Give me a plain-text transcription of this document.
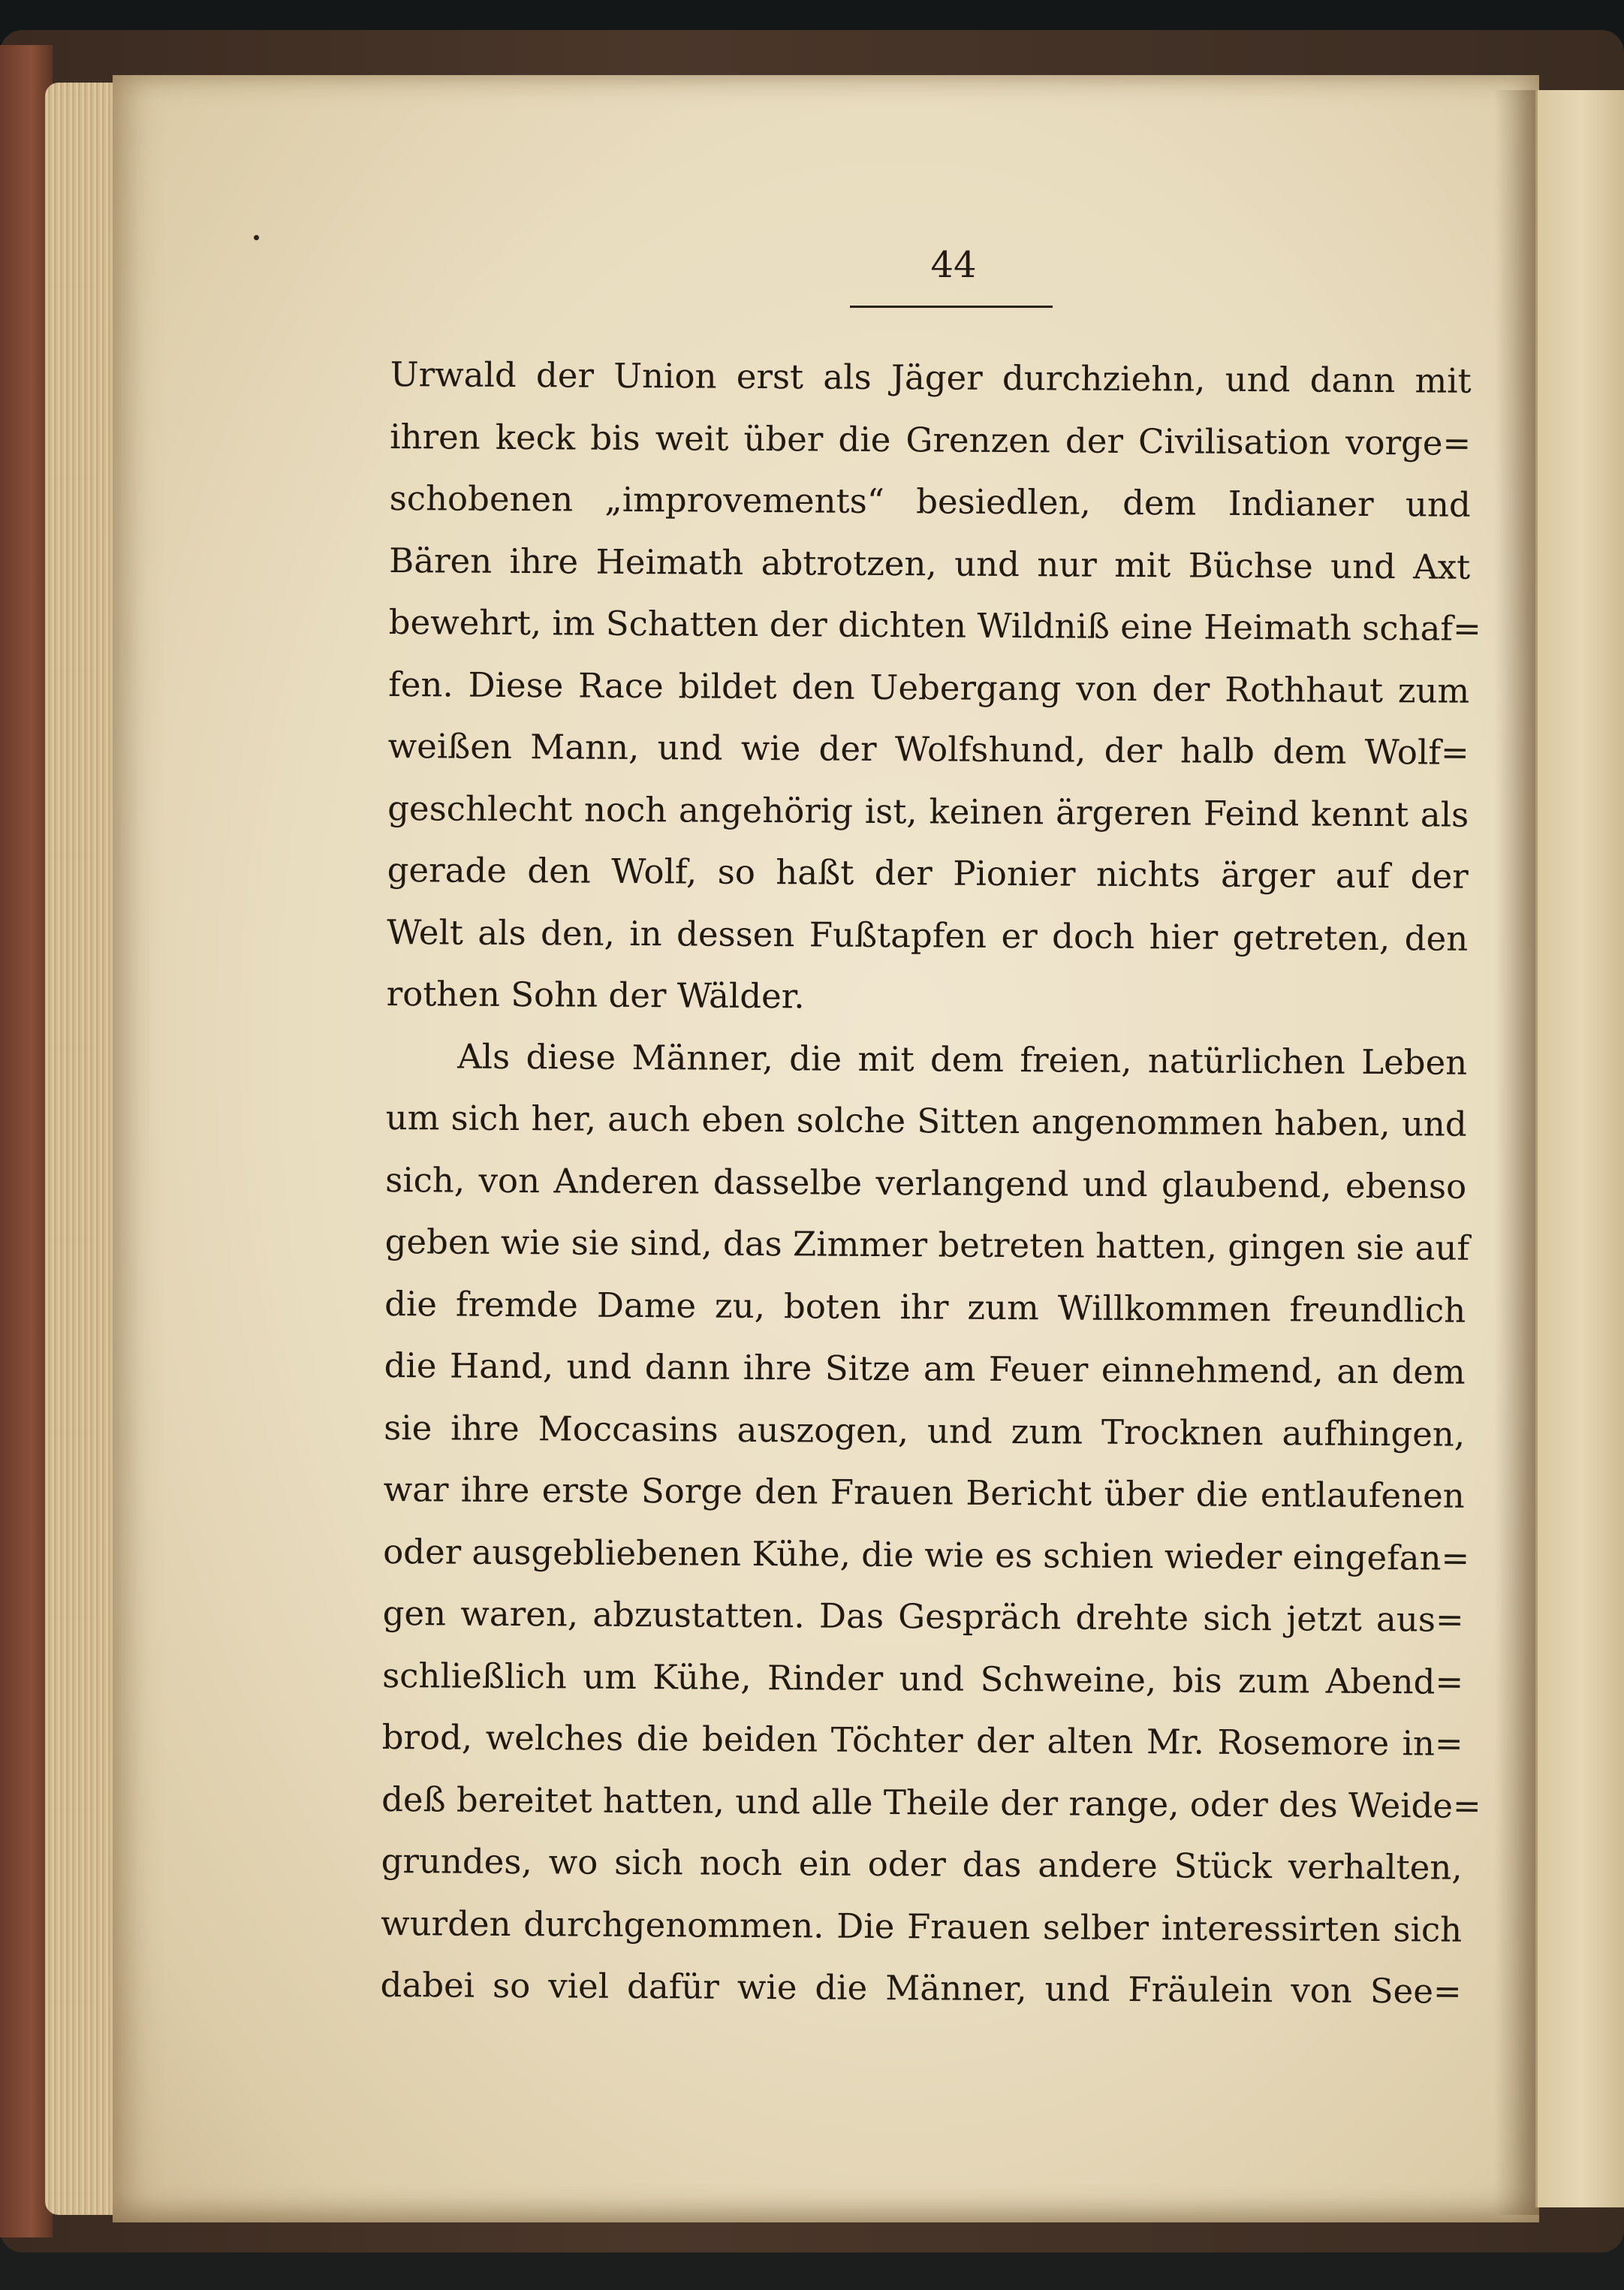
44

Urwald der Union erst als Jäger durchziehn, und dann mit
ihren keck bis weit über die Grenzen der Civilisation vorge=
schobenen „improvements“ besiedlen, dem Indianer und
Bären ihre Heimath abtrotzen, und nur mit Büchse und Axt
bewehrt, im Schatten der dichten Wildniß eine Heimath schaf=
fen. Diese Race bildet den Uebergang von der Rothhaut zum
weißen Mann, und wie der Wolfshund, der halb dem Wolf=
geschlecht noch angehörig ist, keinen ärgeren Feind kennt als
gerade den Wolf, so haßt der Pionier nichts ärger auf der
Welt als den, in dessen Fußtapfen er doch hier getreten, den
rothen Sohn der Wälder.
Als diese Männer, die mit dem freien, natürlichen Leben
um sich her, auch eben solche Sitten angenommen haben, und
sich, von Anderen dasselbe verlangend und glaubend, ebenso
geben wie sie sind, das Zimmer betreten hatten, gingen sie auf
die fremde Dame zu, boten ihr zum Willkommen freundlich
die Hand, und dann ihre Sitze am Feuer einnehmend, an dem
sie ihre Moccasins auszogen, und zum Trocknen aufhingen,
war ihre erste Sorge den Frauen Bericht über die entlaufenen
oder ausgebliebenen Kühe, die wie es schien wieder eingefan=
gen waren, abzustatten. Das Gespräch drehte sich jetzt aus=
schließlich um Kühe, Rinder und Schweine, bis zum Abend=
brod, welches die beiden Töchter der alten Mr. Rosemore in=
deß bereitet hatten, und alle Theile der range, oder des Weide=
grundes, wo sich noch ein oder das andere Stück verhalten,
wurden durchgenommen. Die Frauen selber interessirten sich
dabei so viel dafür wie die Männer, und Fräulein von See=
